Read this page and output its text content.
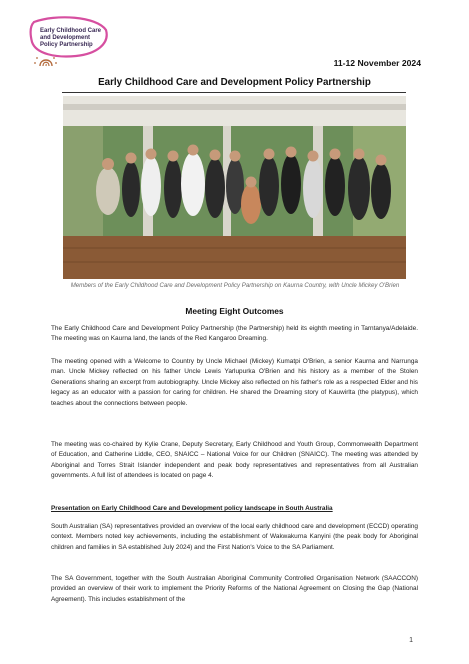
Early Childhood Care
and Development
Policy Partnership
11-12 November 2024
Early Childhood Care and Development Policy Partnership
Members of the Early Childhood Care and Development Policy Partnership on Kaurna Country, with Uncle Mickey O'Brien
Meeting Eight Outcomes
The Early Childhood Care and Development Policy Partnership (the Partnership) held its eighth meeting in Tarntanya/Adelaide. The meeting was on Kaurna land, the lands of the Red Kangaroo Dreaming.
The meeting opened with a Welcome to Country by Uncle Michael (Mickey) Kumatpi O'Brien, a senior Kaurna and Narrunga man. Uncle Mickey reflected on his father Uncle Lewis Yarlupurka O'Brien and his history as a member of the Stolen Generations sharing an excerpt from autobiography. Uncle Mickey also reflected on his father's role as a respected Elder and his legacy as an educator with a passion for caring for children. He shared the Dreaming story of Kauwirlta (the platypus), which teaches about the connections between people.
The meeting was co-chaired by Kylie Crane, Deputy Secretary, Early Childhood and Youth Group, Commonwealth Department of Education, and Catherine Liddle, CEO, SNAICC – National Voice for our Children (SNAICC). The meeting was attended by Aboriginal and Torres Strait Islander independent and peak body representatives and representatives from all Australian governments. A full list of attendees is located on page 4.
Presentation on Early Childhood Care and Development policy landscape in South Australia
South Australian (SA) representatives provided an overview of the local early childhood care and development (ECCD) operating context. Members noted key achievements, including the establishment of Wakwakurna Kanyini (the peak body for Aboriginal children and families in SA established July 2024) and the First Nation's Voice to the SA Parliament.
The SA Government, together with the South Australian Aboriginal Community Controlled Organisation Network (SAACCON) provided an overview of their work to implement the Priority Reforms of the National Agreement on Closing the Gap (National Agreement). This includes establishment of the
1
